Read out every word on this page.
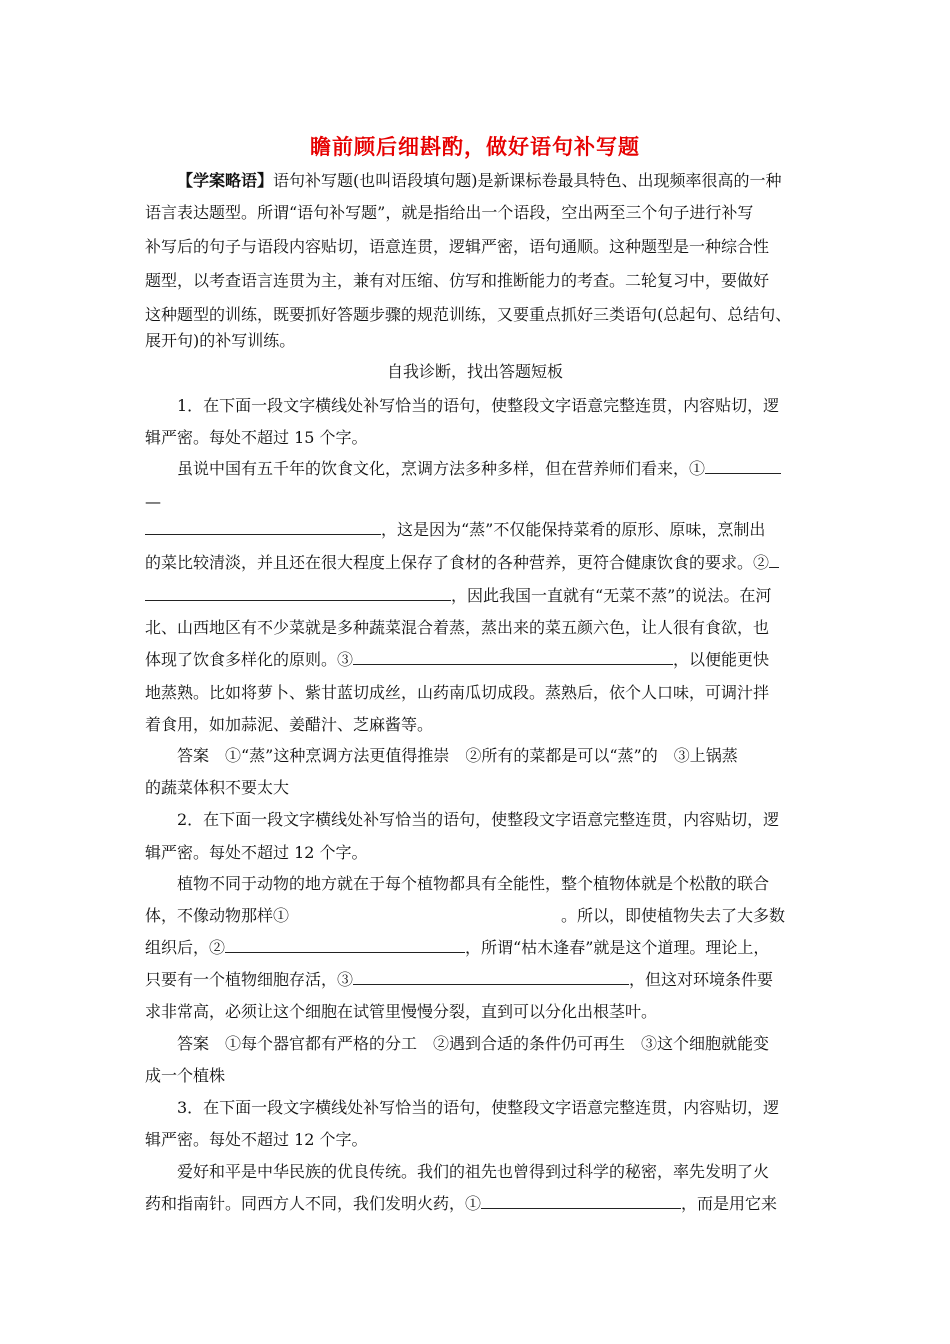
瞻前顾后细斟酌，做好语句补写题
【学案略语】语句补写题(也叫语段填句题)是新课标卷最具特色、出现频率很高的一种
语言表达题型。所谓“语句补写题”，就是指给出一个语段，空出两至三个句子进行补写
补写后的句子与语段内容贴切，语意连贯，逻辑严密，语句通顺。这种题型是一种综合性
题型，以考查语言连贯为主，兼有对压缩、仿写和推断能力的考查。二轮复习中，要做好
这种题型的训练，既要抓好答题步骤的规范训练，又要重点抓好三类语句(总起句、总结句、
展开句)的补写训练。
自我诊断，找出答题短板
1．在下面一段文字横线处补写恰当的语句，使整段文字语意完整连贯，内容贴切，逻
辑严密。每处不超过 15 个字。
虽说中国有五千年的饮食文化，烹调方法多种多样，但在营养师们看来，①
—
，这是因为“蒸”不仅能保持菜肴的原形、原味，烹制出
的菜比较清淡，并且还在很大程度上保存了食材的各种营养，更符合健康饮食的要求。②
，因此我国一直就有“无菜不蒸”的说法。在河
北、山西地区有不少菜就是多种蔬菜混合着蒸，蒸出来的菜五颜六色，让人很有食欲，也
体现了饮食多样化的原则。③	，以便能更快
地蒸熟。比如将萝卜、紫甘蓝切成丝，山药南瓜切成段。蒸熟后，依个人口味，可调汁拌
着食用，如加蒜泥、姜醋汁、芝麻酱等。
答案　①“蒸”这种烹调方法更值得推崇　②所有的菜都是可以“蒸”的　③上锅蒸
的蔬菜体积不要太大
2．在下面一段文字横线处补写恰当的语句，使整段文字语意完整连贯，内容贴切，逻
辑严密。每处不超过 12 个字。
植物不同于动物的地方就在于每个植物都具有全能性，整个植物体就是个松散的联合
体，不像动物那样①	。所以，即使植物失去了大多数
组织后，②	，所谓“枯木逢春”就是这个道理。理论上，
只要有一个植物细胞存活，③	，但这对环境条件要
求非常高，必须让这个细胞在试管里慢慢分裂，直到可以分化出根茎叶。
答案　①每个器官都有严格的分工　②遇到合适的条件仍可再生　③这个细胞就能变
成一个植株
3．在下面一段文字横线处补写恰当的语句，使整段文字语意完整连贯，内容贴切，逻
辑严密。每处不超过 12 个字。
爱好和平是中华民族的优良传统。我们的祖先也曾得到过科学的秘密，率先发明了火
药和指南针。同西方人不同，我们发明火药，①	，而是用它来
